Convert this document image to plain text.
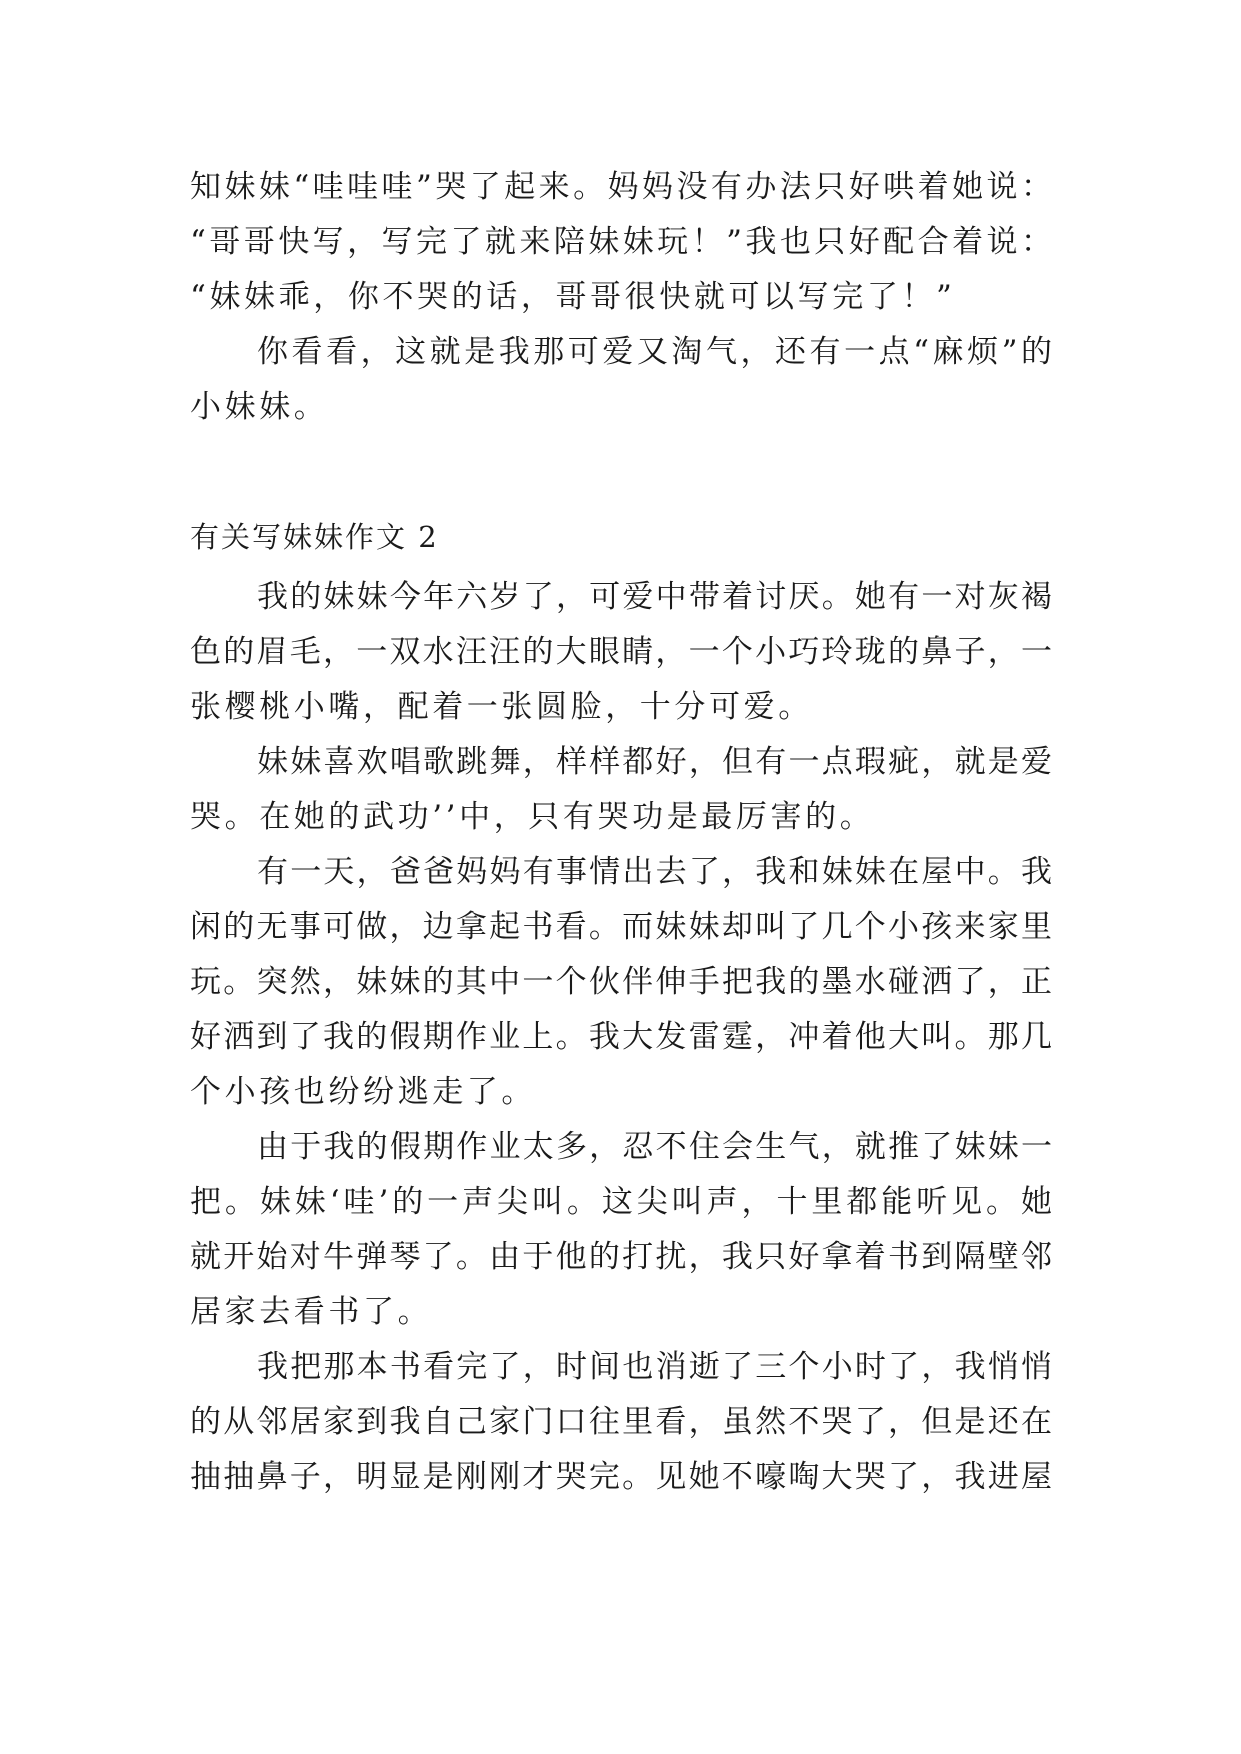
知妹妹“哇哇哇”哭了起来。妈妈没有办法只好哄着她说：
“哥哥快写，写完了就来陪妹妹玩！”我也只好配合着说：
“妹妹乖，你不哭的话，哥哥很快就可以写完了！”
你看看，这就是我那可爱又淘气，还有一点“麻烦”的
小妹妹。
有关写妹妹作文 2
我的妹妹今年六岁了，可爱中带着讨厌。她有一对灰褐
色的眉毛，一双水汪汪的大眼睛，一个小巧玲珑的鼻子，一
张樱桃小嘴，配着一张圆脸，十分可爱。
妹妹喜欢唱歌跳舞，样样都好，但有一点瑕疵，就是爱
哭。在她的武功’’中，只有哭功是最厉害的。
有一天，爸爸妈妈有事情出去了，我和妹妹在屋中。我
闲的无事可做，边拿起书看。而妹妹却叫了几个小孩来家里
玩。突然，妹妹的其中一个伙伴伸手把我的墨水碰洒了，正
好洒到了我的假期作业上。我大发雷霆，冲着他大叫。那几
个小孩也纷纷逃走了。
由于我的假期作业太多，忍不住会生气，就推了妹妹一
把。妹妹‘哇’的一声尖叫。这尖叫声，十里都能听见。她
就开始对牛弹琴了。由于他的打扰，我只好拿着书到隔壁邻
居家去看书了。
我把那本书看完了，时间也消逝了三个小时了，我悄悄
的从邻居家到我自己家门口往里看，虽然不哭了，但是还在
抽抽鼻子，明显是刚刚才哭完。见她不嚎啕大哭了，我进屋
